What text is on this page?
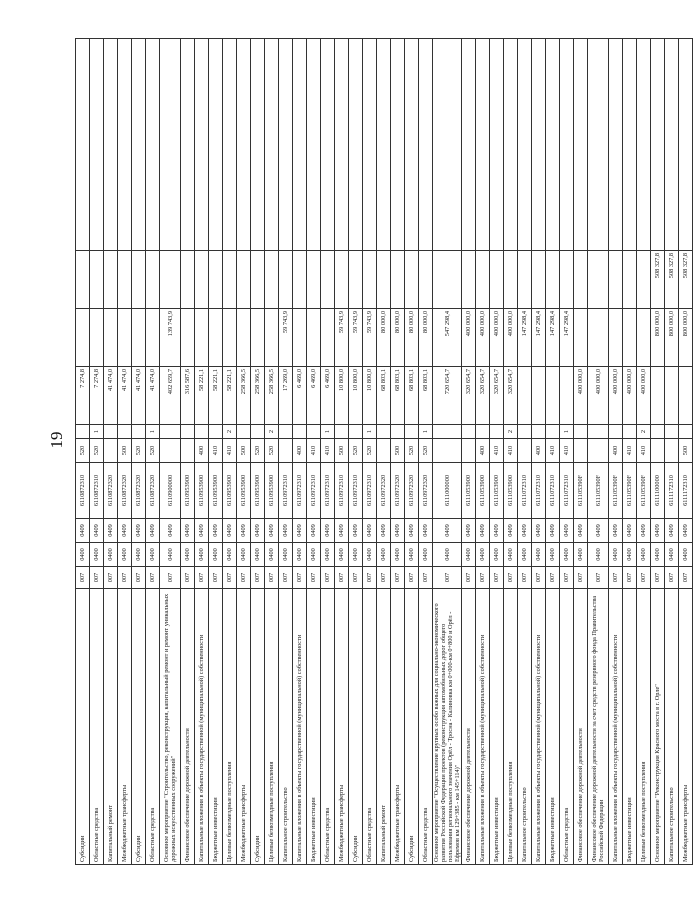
19
Субсидии	007	0400	0409	6110872310	520		7 274,8			
Областные средства	007	0400	0409	6110872310	520	1	7 274,8			
Капитальный ремонт	007	0400	0409	6110872320			41 474,0			
Межбюджетные трансферты	007	0400	0409	6110872320	500		41 474,0			
Субсидии	007	0400	0409	6110872320	520		41 474,0			
Областные средства	007	0400	0409	6110872320	520	1	41 474,0			
Основное мероприятие "Строительство, реконструкция, капитальный ремонт и ремонт уникальных дорожных искусственных сооружений"	007	0400	0409	6110900000			402 659,7	139 743,9		
Финансовое обеспечение дорожной деятельности	007	0400	0409	6110953900			316 587,6			
Капитальные вложения в объекты государственной (муниципальной) собственности	007	0400	0409	6110953900	400		58 221,1			
Бюджетные инвестиции	007	0400	0409	6110953900	410		58 221,1			
Целевые безвозмездные поступления	007	0400	0409	6110953900	410	2	58 221,1			
Межбюджетные трансферты	007	0400	0409	6110953900	500		258 366,5			
Субсидии	007	0400	0409	6110953900	520		258 366,5			
Целевые безвозмездные поступления	007	0400	0409	6110953900	520	2	258 366,5			
Капитальное строительство	007	0400	0409	6110972310			17 269,0	59 743,9		
Капитальные вложения в объекты государственной (муниципальной) собственности	007	0400	0409	6110972310	400		6 469,0			
Бюджетные инвестиции	007	0400	0409	6110972310	410		6 469,0			
Областные средства	007	0400	0409	6110972310	410	1	6 469,0			
Межбюджетные трансферты	007	0400	0409	6110972310	500		10 800,0	59 743,9		
Субсидии	007	0400	0409	6110972310	520		10 800,0	59 743,9		
Областные средства	007	0400	0409	6110972310	520	1	10 800,0	59 743,9		
Капитальный ремонт	007	0400	0409	6110972320			68 803,1	80 000,0		
Межбюджетные трансферты	007	0400	0409	6110972320	500		68 803,1	80 000,0		
Субсидии	007	0400	0409	6110972320	520		68 803,1	80 000,0		
Областные средства	007	0400	0409	6110972320	520	1	68 803,1	80 000,0		
Основное мероприятие "Осуществление крупных особо важных для социально-экономического развития Российской Федерации проектов (реконструкция автомобильных дорог общего пользования регионального значения Орёл - Тросна - Калиновка км 0+000-км 0+800 и Орёл - Ефремов км 129+385 - км 145+114)"	007	0400	0409	6111000000			720 654,7	547 298,4		
Финансовое обеспечение дорожной деятельности	007	0400	0409	6111053900			320 654,7	400 000,0		
Капитальные вложения в объекты государственной (муниципальной) собственности	007	0400	0409	6111053900	400		320 654,7	400 000,0		
Бюджетные инвестиции	007	0400	0409	6111053900	410		320 654,7	400 000,0		
Целевые безвозмездные поступления	007	0400	0409	6111053900	410	2	320 654,7	400 000,0		
Капитальное строительство	007	0400	0409	6111072310				147 298,4		
Капитальные вложения в объекты государственной (муниципальной) собственности	007	0400	0409	6111072310	400			147 298,4		
Бюджетные инвестиции	007	0400	0409	6111072310	410			147 298,4		
Областные средства	007	0400	0409	6111072310	410	1		147 298,4		
Финансовое обеспечение дорожной деятельности	007	0400	0409	611105390F			400 000,0			
Финансовое обеспечение дорожной деятельности за счет средств резервного фонда Правительства Российской Федерации	007	0400	0409	611105390F			400 000,0			
Капитальные вложения в объекты государственной (муниципальной) собственности	007	0400	0409	611105390F	400		400 000,0			
Бюджетные инвестиции	007	0400	0409	611105390F	410		400 000,0			
Целевые безвозмездные поступления	007	0400	0409	611105390F	410	2	400 000,0			
Основное мероприятие "Реконструкция Красного моста в г. Орле"	007	0400	0409	6111100000				800 000,0	508 327,8	
Капитальное строительство	007	0400	0409	6111172310				800 000,0	508 327,8	
Межбюджетные трансферты	007	0400	0409	6111172310	500			800 000,0	508 327,8	
